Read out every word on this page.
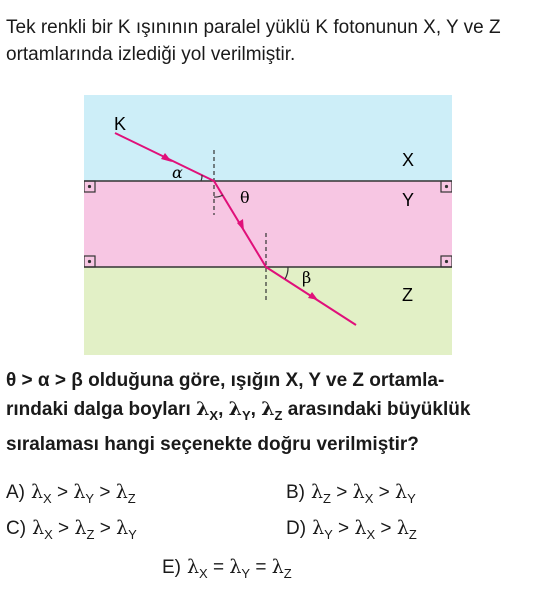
Tek renkli bir K ışınının paralel yüklü K fotonunun X, Y ve Z ortamlarında izlediği yol verilmiştir.
K
X
Y
Z
α
θ
β
θ > α > β olduğuna göre, ışığın X, Y ve Z ortamla-
rındaki dalga boyları $\lambda_X$, $\lambda_Y$, $\lambda_Z$ arasındaki büyüklük
sıralaması hangi seçenekte doğru verilmiştir?
A) $\lambda_X > \lambda_Y > \lambda_Z$	B) $\lambda_Z > \lambda_X > \lambda_Y$
C) $\lambda_X > \lambda_Z > \lambda_Y$	D) $\lambda_Y > \lambda_X > \lambda_Z$
E) $\lambda_X = \lambda_Y = \lambda_Z$
